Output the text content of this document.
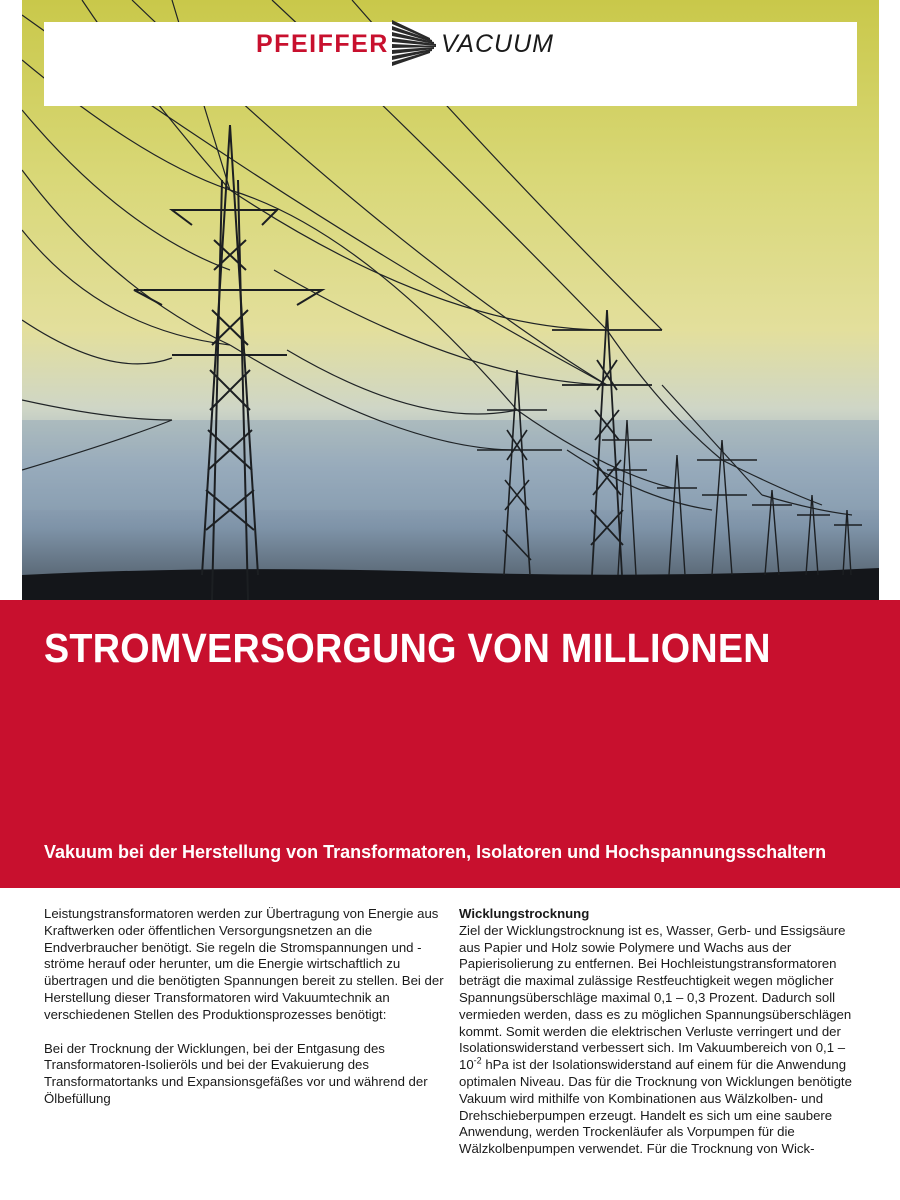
PFEIFFER VACUUM
STROMVERSORGUNG VON MILLIONEN

Vakuum bei der Herstellung von Transformatoren, Isolatoren und Hochspannungsschaltern

Leistungstransformatoren werden zur Übertragung von Energie aus Kraftwerken oder öffentlichen Versorgungsnetzen an die Endverbraucher benötigt. Sie regeln die Stromspannungen und -ströme herauf oder herunter, um die Energie wirtschaftlich zu übertragen und die benötigten Spannungen bereit zu stellen. Bei der Herstellung dieser Transformatoren wird Vakuumtechnik an verschiedenen Stellen des Produktionsprozesses benötigt:

Bei der Trocknung der Wicklungen, bei der Entgasung des Transformatoren-Isolieröls und bei der Evakuierung des Transformatortanks und Expansionsgefäßes vor und während der Ölbefüllung

Wicklungstrocknung

Ziel der Wicklungstrocknung ist es, Wasser, Gerb- und Essigsäure aus Papier und Holz sowie Polymere und Wachs aus der Papierisolierung zu entfernen. Bei Hochleistungstransformatoren beträgt die maximal zulässige Restfeuchtigkeit wegen möglicher Spannungsüberschläge maximal 0,1 – 0,3 Prozent. Dadurch soll vermieden werden, dass es zu möglichen Spannungsüberschlägen kommt. Somit werden die elektrischen Verluste verringert und der Isolationswiderstand verbessert sich. Im Vakuumbereich von $0,1 - 10^{-2}$ hPa ist der Isolationswiderstand auf einem für die Anwendung optimalen Niveau. Das für die Trocknung von Wicklungen benötigte Vakuum wird mithilfe von Kombinationen aus Wälzkolben- und Drehschieberpumpen erzeugt. Handelt es sich um eine saubere Anwendung, werden Trockenläufer als Vorpumpen für die Wälzkolbenpumpen verwendet. Für die Trocknung von Wick-
